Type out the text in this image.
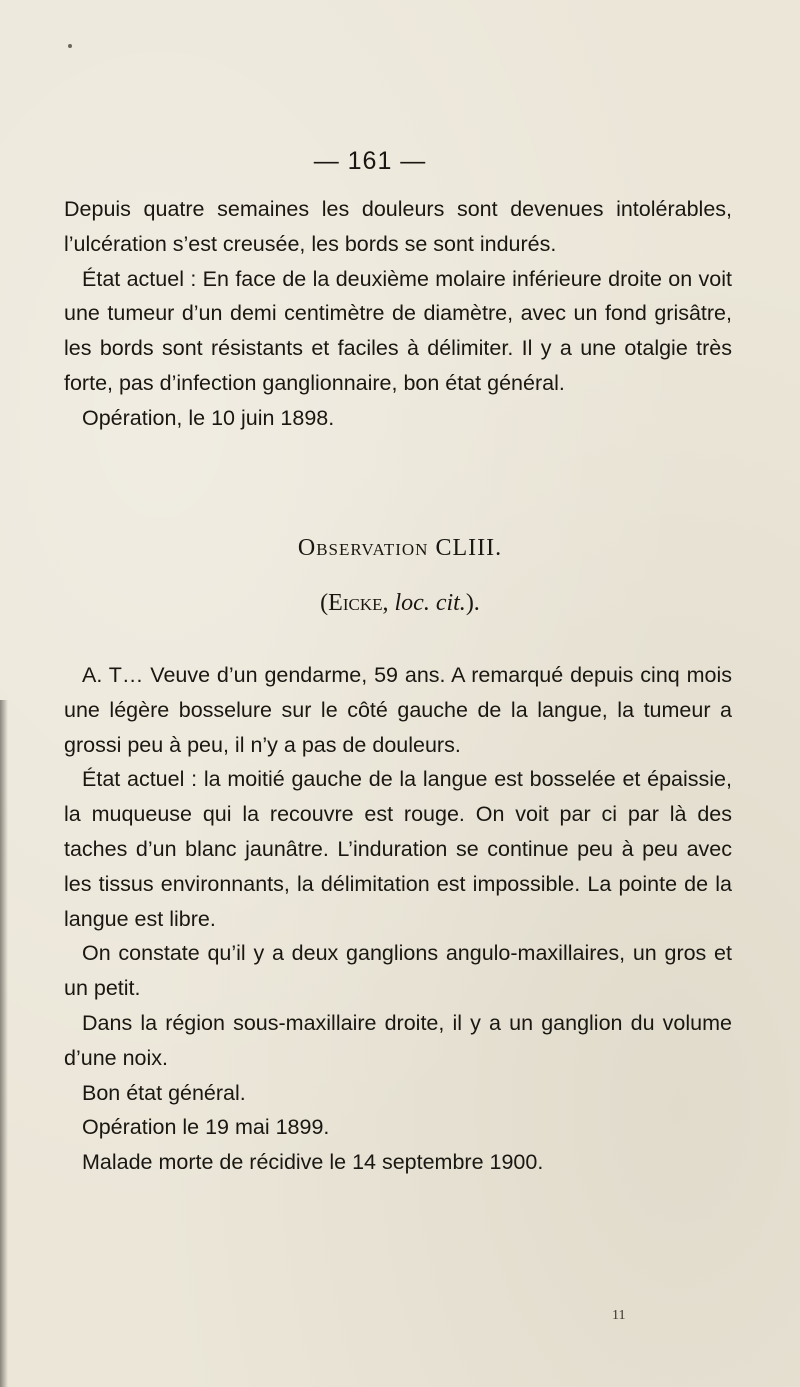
— 161 —

Depuis quatre semaines les douleurs sont devenues intolérables, l’ulcération s’est creusée, les bords se sont indurés.

État actuel : En face de la deuxième molaire inférieure droite on voit une tumeur d’un demi centimètre de diamètre, avec un fond grisâtre, les bords sont résistants et faciles à délimiter. Il y a une otalgie très forte, pas d’infection ganglionnaire, bon état général.

Opération, le 10 juin 1898.

Observation CLIII.
(Eicke, loc. cit.).

A. T… Veuve d’un gendarme, 59 ans. A remarqué depuis cinq mois une légère bosselure sur le côté gauche de la langue, la tumeur a grossi peu à peu, il n’y a pas de douleurs.

État actuel : la moitié gauche de la langue est bosselée et épaissie, la muqueuse qui la recouvre est rouge. On voit par ci par là des taches d’un blanc jaunâtre. L’induration se continue peu à peu avec les tissus environnants, la délimitation est impossible. La pointe de la langue est libre.

On constate qu’il y a deux ganglions angulo-maxillaires, un gros et un petit.

Dans la région sous-maxillaire droite, il y a un ganglion du volume d’une noix.

Bon état général.

Opération le 19 mai 1899.

Malade morte de récidive le 14 septembre 1900.

11
